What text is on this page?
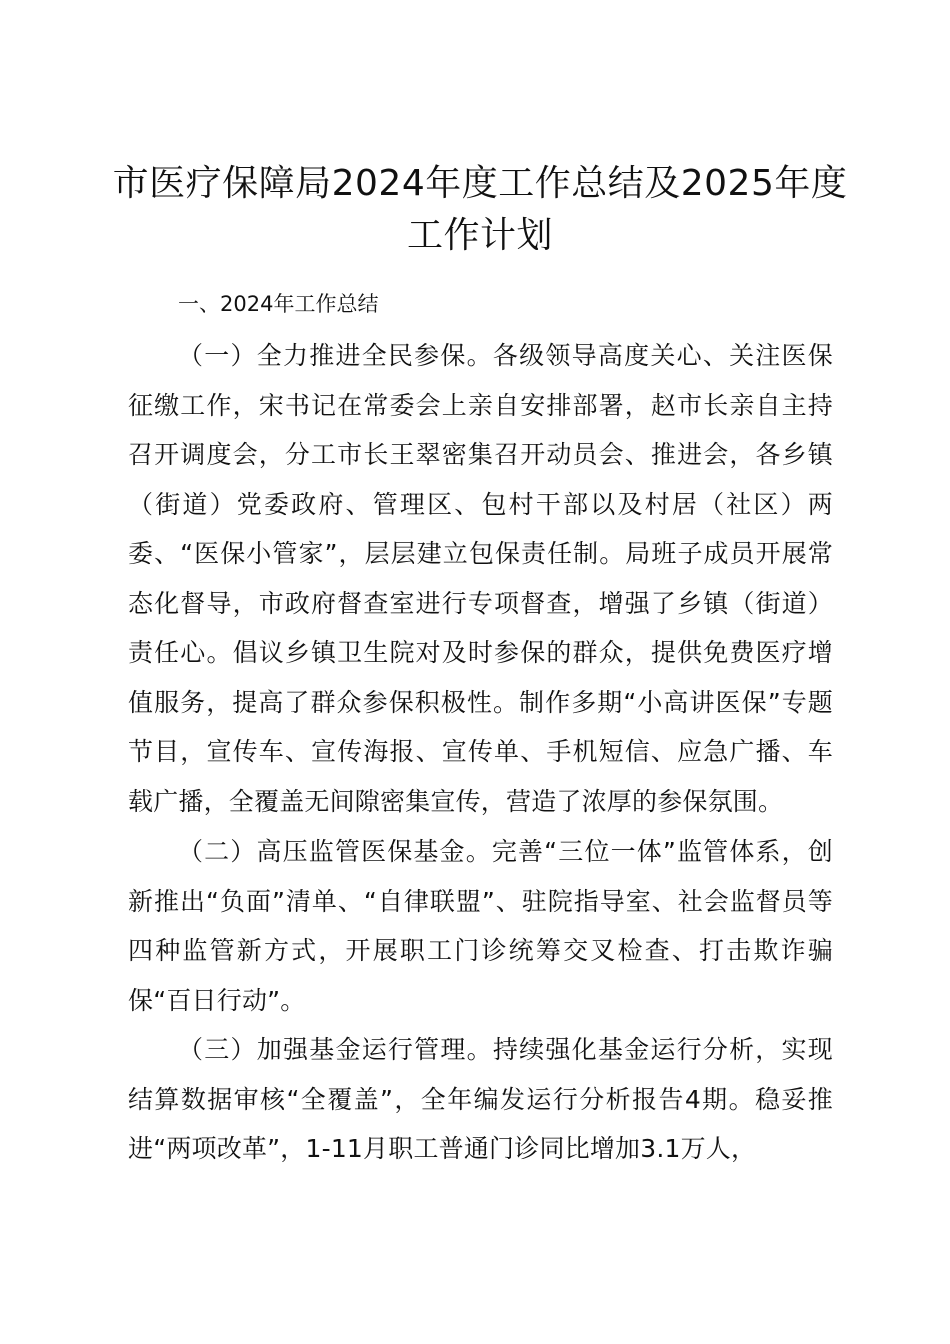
市医疗保障局2024年度工作总结及2025年度工作计划
一、2024年工作总结

（一）全力推进全民参保。各级领导高度关心、关注医保征缴工作，宋书记在常委会上亲自安排部署，赵市长亲自主持召开调度会，分工市长王翠密集召开动员会、推进会，各乡镇（街道）党委政府、管理区、包村干部以及村居（社区）两委、“医保小管家”，层层建立包保责任制。局班子成员开展常态化督导，市政府督查室进行专项督查，增强了乡镇（街道）责任心。倡议乡镇卫生院对及时参保的群众，提供免费医疗增值服务，提高了群众参保积极性。制作多期“小高讲医保”专题节目，宣传车、宣传海报、宣传单、手机短信、应急广播、车载广播，全覆盖无间隙密集宣传，营造了浓厚的参保氛围。

（二）高压监管医保基金。完善“三位一体”监管体系，创新推出“负面”清单、“自律联盟”、驻院指导室、社会监督员等四种监管新方式，开展职工门诊统筹交叉检查、打击欺诈骗保“百日行动”。

（三）加强基金运行管理。持续强化基金运行分析，实现结算数据审核“全覆盖”，全年编发运行分析报告4期。稳妥推进“两项改革”，1-11月职工普通门诊同比增加3.1万人，
